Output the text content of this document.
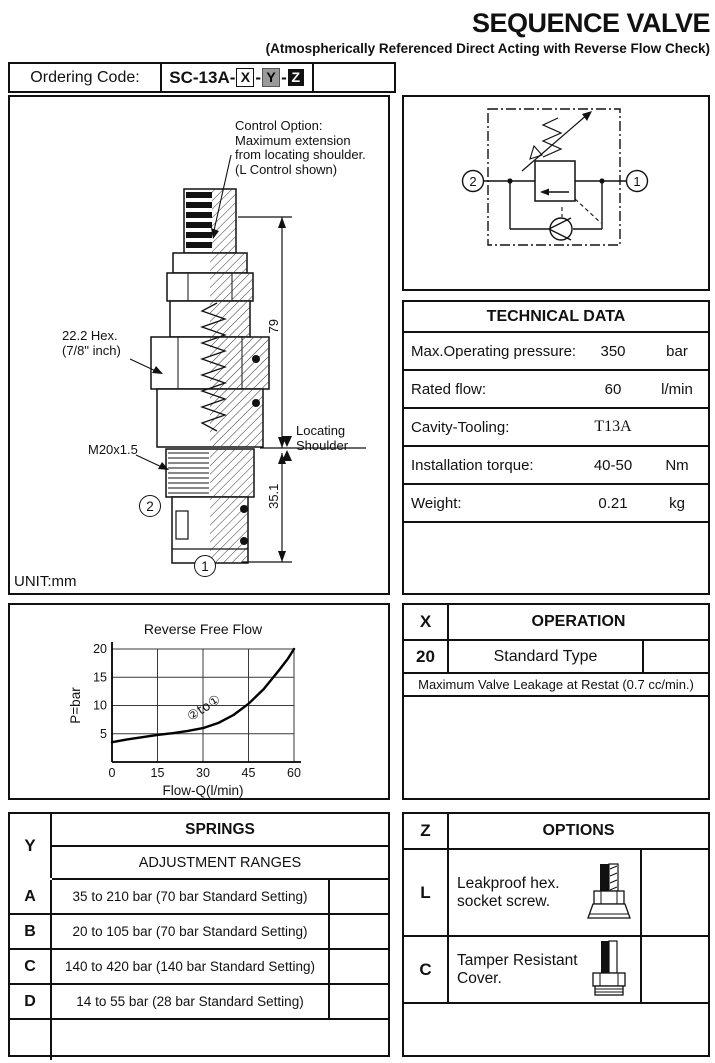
SEQUENCE VALVE
(Atmospherically Referenced Direct Acting with Reverse Flow Check)
Ordering Code:	SC-13A- X - Y - Z
Control Option:
Maximum extension
from locating shoulder.
(L Control shown)
22.2 Hex.
(7/8" inch)
M20x1.5
79
Locating
Shoulder
35.1
2
1
UNIT:mm
2	1
TECHNICAL DATA
Max.Operating pressure:	350	bar
Rated flow:	60	l/min
Cavity-Tooling:	T13A
Installation torque:	40-50	Nm
Weight:	0.21	kg
0	15	30	45	60
5
10
15
20
Reverse Free Flow
Flow-Q(l/min)
P=bar	②to①
X	OPERATION
20	Standard Type
Maximum Valve Leakage at Restat (0.7 cc/min.)
Y
SPRINGS
ADJUSTMENT RANGES
A	35 to 210 bar (70 bar Standard Setting)
B	20 to 105 bar (70 bar Standard Setting)
C	140 to 420 bar (140 bar Standard Setting)
D	14 to 55 bar (28 bar Standard Setting)
Z	OPTIONS
L	Leakproof hex.
socket screw.
C	Tamper Resistant
Cover.
